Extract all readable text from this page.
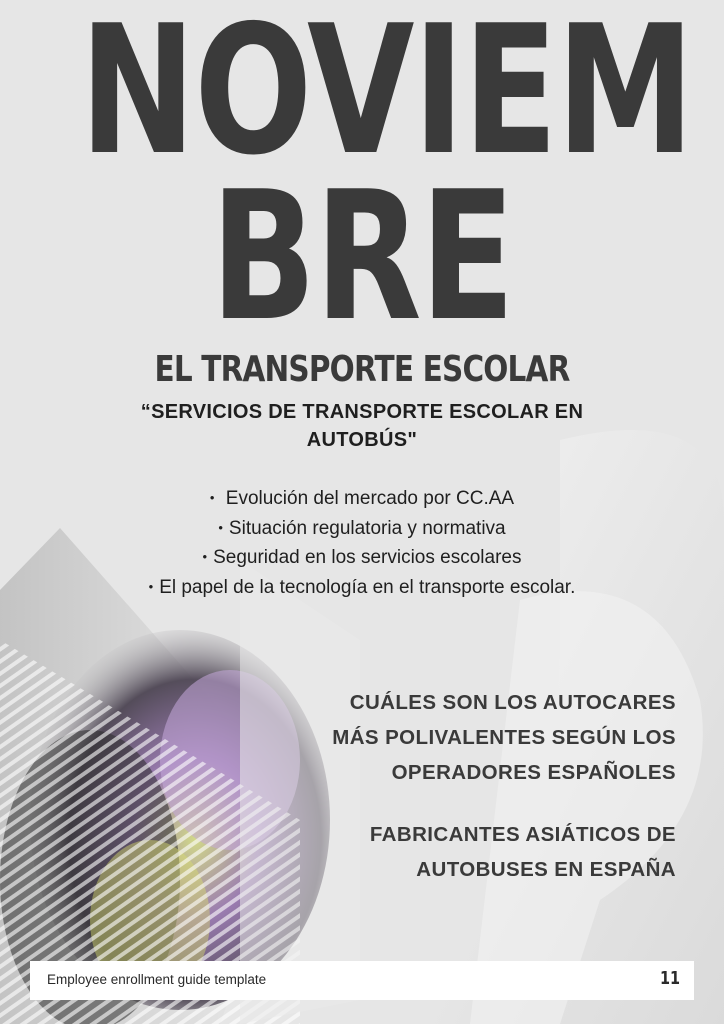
NOVIEM
BRE
EL TRANSPORTE ESCOLAR
“SERVICIOS DE TRANSPORTE ESCOLAR EN AUTOBÚS"
• Evolución del mercado por CC.AA
• Situación regulatoria y normativa
• Seguridad en los servicios escolares
• El papel de la tecnología en el transporte escolar.
CUÁLES SON LOS AUTOCARES
MÁS POLIVALENTES SEGÚN LOS
OPERADORES ESPAÑOLES
FABRICANTES ASIÁTICOS DE
AUTOBUSES EN ESPAÑA
Employee enrollment guide template	11
